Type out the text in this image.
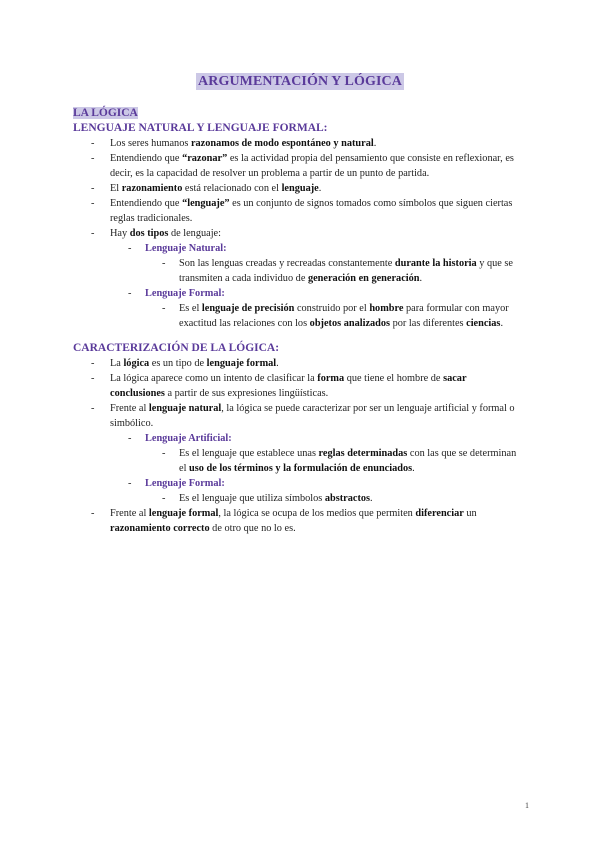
ARGUMENTACIÓN Y LÓGICA
LA LÓGICA
LENGUAJE NATURAL Y LENGUAJE FORMAL:
- Los seres humanos razonamos de modo espontáneo y natural.
- Entendiendo que “razonar” es la actividad propia del pensamiento que consiste en reflexionar, es decir, es la capacidad de resolver un problema a partir de un punto de partida.
- El razonamiento está relacionado con el lenguaje.
- Entendiendo que “lenguaje” es un conjunto de signos tomados como símbolos que siguen ciertas reglas tradicionales.
- Hay dos tipos de lenguaje:
- Lenguaje Natural:
- Son las lenguas creadas y recreadas constantemente durante la historia y que se transmiten a cada individuo de generación en generación.
- Lenguaje Formal:
- Es el lenguaje de precisión construido por el hombre para formular con mayor exactitud las relaciones con los objetos analizados por las diferentes ciencias.
CARACTERIZACIÓN DE LA LÓGICA:
- La lógica es un tipo de lenguaje formal.
- La lógica aparece como un intento de clasificar la forma que tiene el hombre de sacar conclusiones a partir de sus expresiones lingüísticas.
- Frente al lenguaje natural, la lógica se puede caracterizar por ser un lenguaje artificial y formal o simbólico.
- Lenguaje Artificial:
- Es el lenguaje que establece unas reglas determinadas con las que se determinan el uso de los términos y la formulación de enunciados.
- Lenguaje Formal:
- Es el lenguaje que utiliza símbolos abstractos.
- Frente al lenguaje formal, la lógica se ocupa de los medios que permiten diferenciar un razonamiento correcto de otro que no lo es.
1
